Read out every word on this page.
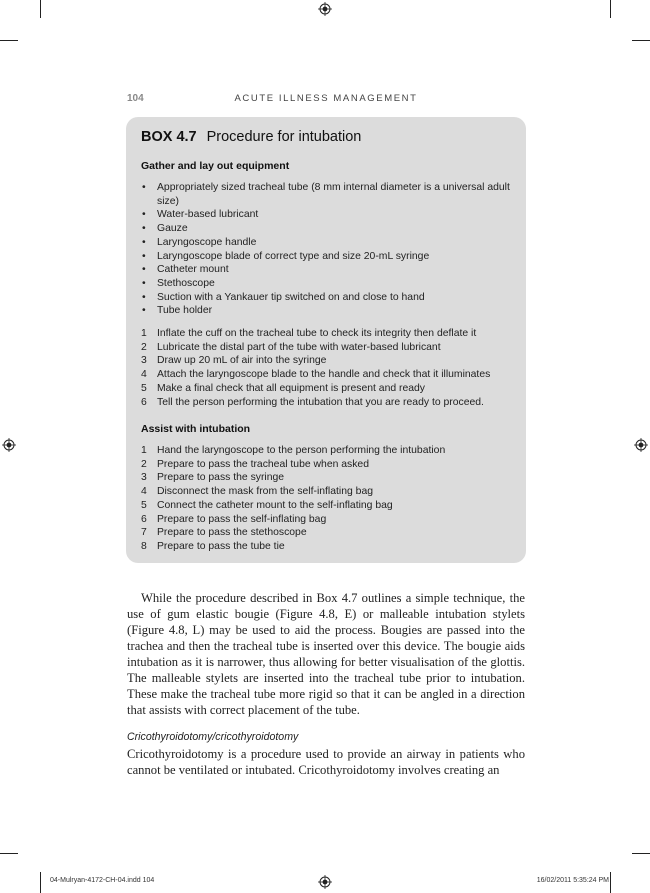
104	ACUTE ILLNESS MANAGEMENT
BOX 4.7 Procedure for intubation
Gather and lay out equipment
• Appropriately sized tracheal tube (8 mm internal diameter is a universal adult size)
• Water-based lubricant
• Gauze
• Laryngoscope handle
• Laryngoscope blade of correct type and size 20-mL syringe
• Catheter mount
• Stethoscope
• Suction with a Yankauer tip switched on and close to hand
• Tube holder
1 Inflate the cuff on the tracheal tube to check its integrity then deflate it
2 Lubricate the distal part of the tube with water-based lubricant
3 Draw up 20 mL of air into the syringe
4 Attach the laryngoscope blade to the handle and check that it illuminates
5 Make a final check that all equipment is present and ready
6 Tell the person performing the intubation that you are ready to proceed.
Assist with intubation
1 Hand the laryngoscope to the person performing the intubation
2 Prepare to pass the tracheal tube when asked
3 Prepare to pass the syringe
4 Disconnect the mask from the self-inflating bag
5 Connect the catheter mount to the self-inflating bag
6 Prepare to pass the self-inflating bag
7 Prepare to pass the stethoscope
8 Prepare to pass the tube tie

While the procedure described in Box 4.7 outlines a simple technique, the use of gum elastic bougie (Figure 4.8, E) or malleable intubation stylets (Figure 4.8, L) may be used to aid the process. Bougies are passed into the trachea and then the tracheal tube is inserted over this device. The bougie aids intubation as it is narrower, thus allowing for better visualisation of the glottis. The malleable stylets are inserted into the tracheal tube prior to intubation. These make the tracheal tube more rigid so that it can be angled in a direction that assists with correct placement of the tube.

Cricothyroidotomy/cricothyroidotomy

Cricothyroidotomy is a procedure used to provide an airway in patients who cannot be ventilated or intubated. Cricothyroidotomy involves creating an

04-Mulryan-4172-CH-04.indd 104	16/02/2011 5:35:24 PM
